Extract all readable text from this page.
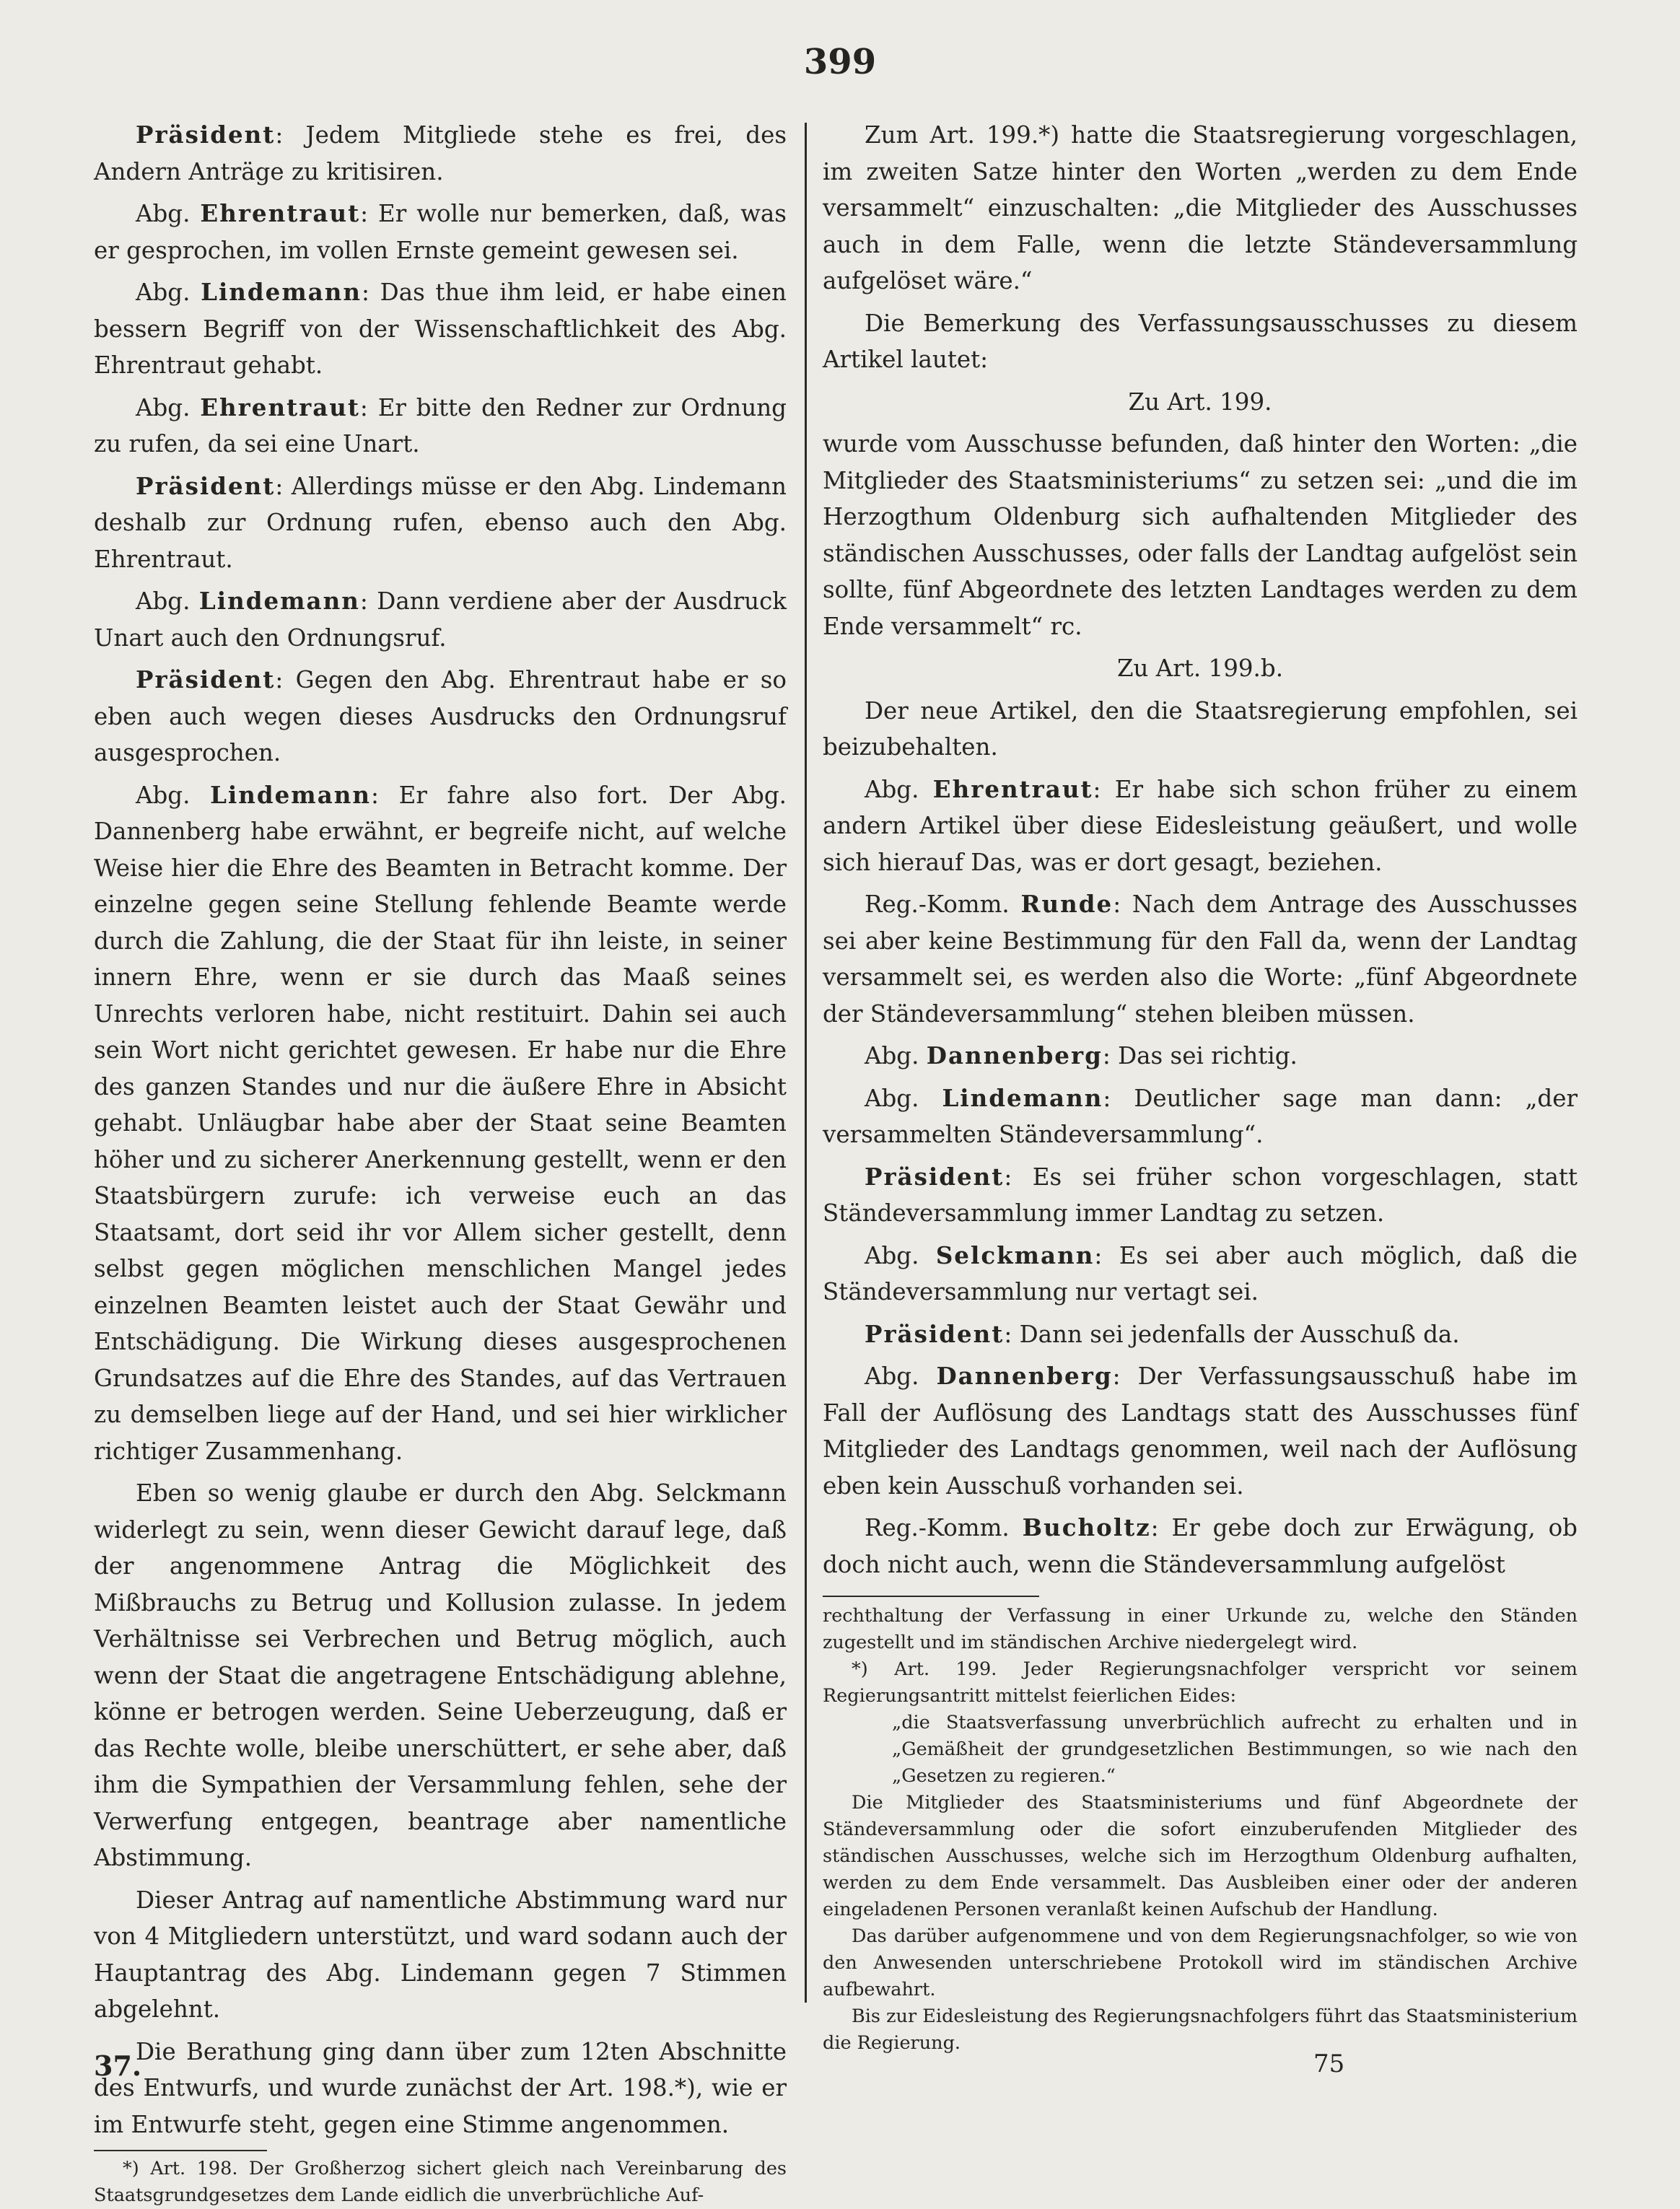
399

Präsident: Jedem Mitgliede stehe es frei, des Andern Anträge zu kritisiren.

Abg. Ehrentraut: Er wolle nur bemerken, daß, was er gesprochen, im vollen Ernste gemeint gewesen sei.

Abg. Lindemann: Das thue ihm leid, er habe einen bessern Begriff von der Wissenschaftlichkeit des Abg. Ehrentraut gehabt.

Abg. Ehrentraut: Er bitte den Redner zur Ordnung zu rufen, da sei eine Unart.

Präsident: Allerdings müsse er den Abg. Lindemann deshalb zur Ordnung rufen, ebenso auch den Abg. Ehrentraut.

Abg. Lindemann: Dann verdiene aber der Ausdruck Unart auch den Ordnungsruf.

Präsident: Gegen den Abg. Ehrentraut habe er so eben auch wegen dieses Ausdrucks den Ordnungsruf ausgesprochen.

Abg. Lindemann: Er fahre also fort. Der Abg. Dannenberg habe erwähnt, er begreife nicht, auf welche Weise hier die Ehre des Beamten in Betracht komme. Der einzelne gegen seine Stellung fehlende Beamte werde durch die Zahlung, die der Staat für ihn leiste, in seiner innern Ehre, wenn er sie durch das Maaß seines Unrechts verloren habe, nicht restituirt. Dahin sei auch sein Wort nicht gerichtet gewesen. Er habe nur die Ehre des ganzen Standes und nur die äußere Ehre in Absicht gehabt. Unläugbar habe aber der Staat seine Beamten höher und zu sicherer Anerkennung gestellt, wenn er den Staatsbürgern zurufe: ich verweise euch an das Staatsamt, dort seid ihr vor Allem sicher gestellt, denn selbst gegen möglichen menschlichen Mangel jedes einzelnen Beamten leistet auch der Staat Gewähr und Entschädigung. Die Wirkung dieses ausgesprochenen Grundsatzes auf die Ehre des Standes, auf das Vertrauen zu demselben liege auf der Hand, und sei hier wirklicher richtiger Zusammenhang.

Eben so wenig glaube er durch den Abg. Selckmann widerlegt zu sein, wenn dieser Gewicht darauf lege, daß der angenommene Antrag die Möglichkeit des Mißbrauchs zu Betrug und Kollusion zulasse. In jedem Verhältnisse sei Verbrechen und Betrug möglich, auch wenn der Staat die angetragene Entschädigung ablehne, könne er betrogen werden. Seine Ueberzeugung, daß er das Rechte wolle, bleibe unerschüttert, er sehe aber, daß ihm die Sympathien der Versammlung fehlen, sehe der Verwerfung entgegen, beantrage aber namentliche Abstimmung.

Dieser Antrag auf namentliche Abstimmung ward nur von 4 Mitgliedern unterstützt, und ward sodann auch der Hauptantrag des Abg. Lindemann gegen 7 Stimmen abgelehnt.

Die Berathung ging dann über zum 12ten Abschnitte des Entwurfs, und wurde zunächst der Art. 198.*), wie er im Entwurfe steht, gegen eine Stimme angenommen.

*) Art. 198. Der Großherzog sichert gleich nach Vereinbarung des Staatsgrundgesetzes dem Lande eidlich die unverbrüchliche Auf-

Zum Art. 199.*) hatte die Staatsregierung vorgeschlagen, im zweiten Satze hinter den Worten „werden zu dem Ende versammelt“ einzuschalten: „die Mitglieder des Ausschusses auch in dem Falle, wenn die letzte Ständeversammlung aufgelöset wäre.“

Die Bemerkung des Verfassungsausschusses zu diesem Artikel lautet:

Zu Art. 199.

wurde vom Ausschusse befunden, daß hinter den Worten: „die Mitglieder des Staatsministeriums“ zu setzen sei: „und die im Herzogthum Oldenburg sich aufhaltenden Mitglieder des ständischen Ausschusses, oder falls der Landtag aufgelöst sein sollte, fünf Abgeordnete des letzten Landtages werden zu dem Ende versammelt“ rc.

Zu Art. 199.b.

Der neue Artikel, den die Staatsregierung empfohlen, sei beizubehalten.

Abg. Ehrentraut: Er habe sich schon früher zu einem andern Artikel über diese Eidesleistung geäußert, und wolle sich hierauf Das, was er dort gesagt, beziehen.

Reg.-Komm. Runde: Nach dem Antrage des Ausschusses sei aber keine Bestimmung für den Fall da, wenn der Landtag versammelt sei, es werden also die Worte: „fünf Abgeordnete der Ständeversammlung“ stehen bleiben müssen.

Abg. Dannenberg: Das sei richtig.

Abg. Lindemann: Deutlicher sage man dann: „der versammelten Ständeversammlung“.

Präsident: Es sei früher schon vorgeschlagen, statt Ständeversammlung immer Landtag zu setzen.

Abg. Selckmann: Es sei aber auch möglich, daß die Ständeversammlung nur vertagt sei.

Präsident: Dann sei jedenfalls der Ausschuß da.

Abg. Dannenberg: Der Verfassungsausschuß habe im Fall der Auflösung des Landtags statt des Ausschusses fünf Mitglieder des Landtags genommen, weil nach der Auflösung eben kein Ausschuß vorhanden sei.

Reg.-Komm. Bucholtz: Er gebe doch zur Erwägung, ob doch nicht auch, wenn die Ständeversammlung aufgelöst

rechthaltung der Verfassung in einer Urkunde zu, welche den Ständen zugestellt und im ständischen Archive niedergelegt wird.

*) Art. 199. Jeder Regierungsnachfolger verspricht vor seinem Regierungsantritt mittelst feierlichen Eides:

„die Staatsverfassung unverbrüchlich aufrecht zu erhalten und in „Gemäßheit der grundgesetzlichen Bestimmungen, so wie nach den „Gesetzen zu regieren.“

Die Mitglieder des Staatsministeriums und fünf Abgeordnete der Ständeversammlung oder die sofort einzuberufenden Mitglieder des ständischen Ausschusses, welche sich im Herzogthum Oldenburg aufhalten, werden zu dem Ende versammelt. Das Ausbleiben einer oder der anderen eingeladenen Personen veranlaßt keinen Aufschub der Handlung.

Das darüber aufgenommene und von dem Regierungsnachfolger, so wie von den Anwesenden unterschriebene Protokoll wird im ständischen Archive aufbewahrt.

Bis zur Eidesleistung des Regierungsnachfolgers führt das Staatsministerium die Regierung.

37.	75
